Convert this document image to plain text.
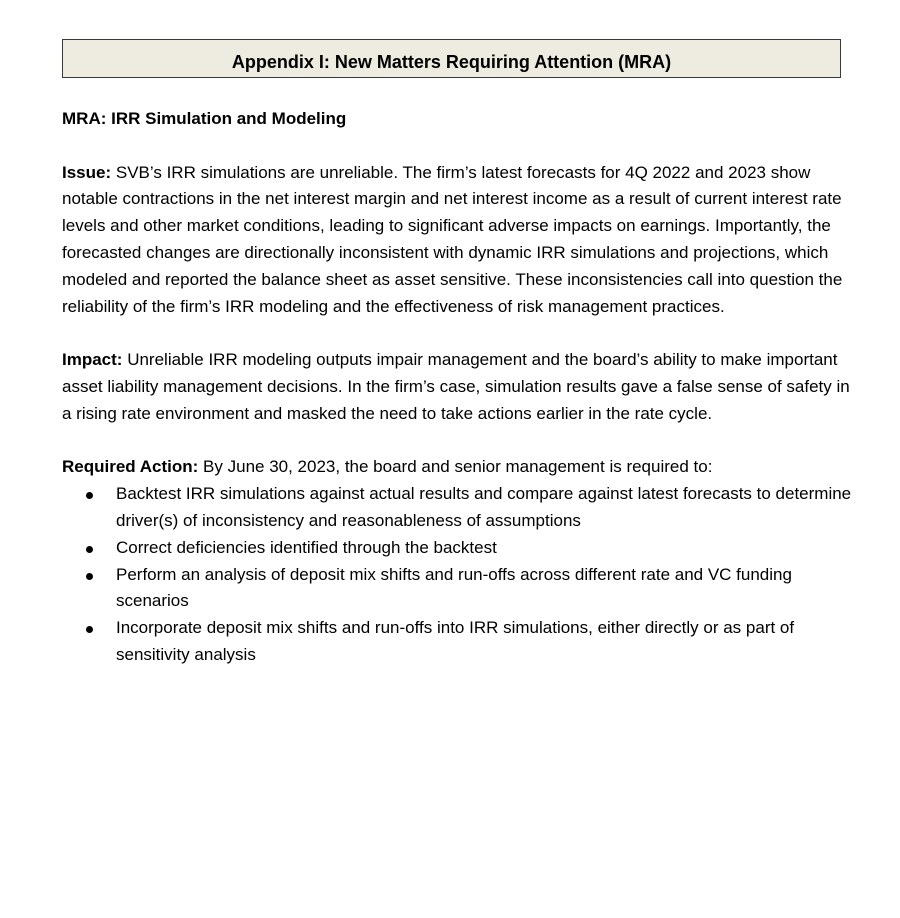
Appendix I: New Matters Requiring Attention (MRA)

MRA: IRR Simulation and Modeling

Issue: SVB’s IRR simulations are unreliable. The firm’s latest forecasts for 4Q 2022 and 2023 show notable contractions in the net interest margin and net interest income as a result of current interest rate levels and other market conditions, leading to significant adverse impacts on earnings. Importantly, the forecasted changes are directionally inconsistent with dynamic IRR simulations and projections, which modeled and reported the balance sheet as asset sensitive. These inconsistencies call into question the reliability of the firm’s IRR modeling and the effectiveness of risk management practices.

Impact: Unreliable IRR modeling outputs impair management and the board’s ability to make important asset liability management decisions. In the firm’s case, simulation results gave a false sense of safety in a rising rate environment and masked the need to take actions earlier in the rate cycle.

Required Action: By June 30, 2023, the board and senior management is required to:

Backtest IRR simulations against actual results and compare against latest forecasts to determine driver(s) of inconsistency and reasonableness of assumptions
Correct deficiencies identified through the backtest
Perform an analysis of deposit mix shifts and run-offs across different rate and VC funding scenarios
Incorporate deposit mix shifts and run-offs into IRR simulations, either directly or as part of sensitivity analysis
